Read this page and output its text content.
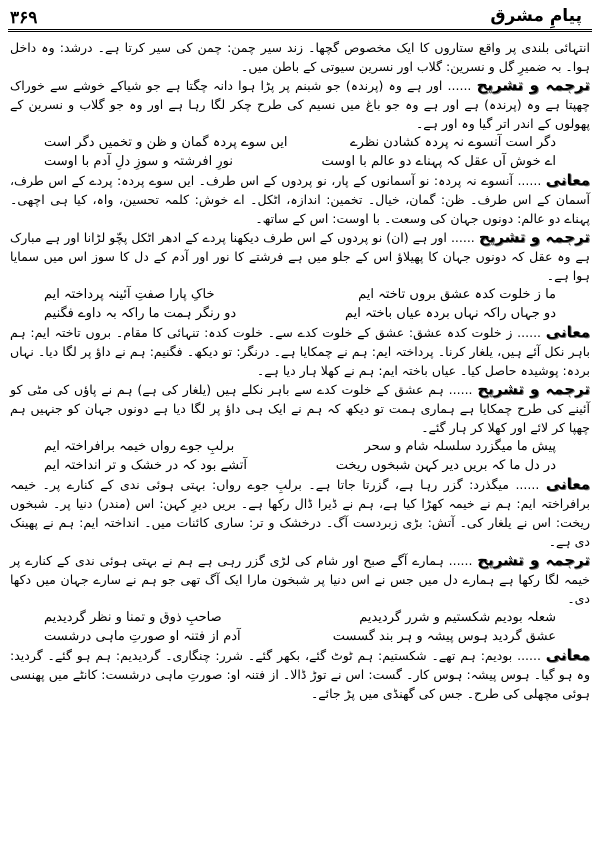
۳۶۹	پیامِ مشرق

انتہائی بلندی پر واقع ستاروں کا ایک مخصوص گچھا۔ زند سیر چمن: چمن کی سیر کرتا ہے۔ درشد: وہ داخل ہوا۔ بہ ضمیرِ گل و نسرین: گلاب اور نسرین سیوتی کے باطن میں۔

ترجمہ و تشریح ...... اور ہے وہ (پرندہ) جو شبنم پر پڑا ہوا دانہ چگتا ہے جو شیاکے خوشے سے خوراک چھپتا ہے وہ (پرندہ) ہے اور ہے وہ جو باغ میں نسیم کی طرح چکر لگا رہا ہے اور وہ جو گلاب و نسرین کے پھولوں کے اندر اتر گیا وہ اور ہے۔

دگر است آنسوے نہ پردہ کشادن نظرے
ایں سوے پردہ گمان و ظن و تخمیں دگر است
اے خوش آں عقل کہ پہناے دو عالم با اوست
نورِ افرشتہ و سوزِ دلِ آدم با اوست

معانی ...... آنسوے نہ پردہ: نو آسمانوں کے پار، نو پردوں کے اس طرف۔ ایں سوے پردہ: پردے کے اس طرف، آسمان کے اس طرف۔ ظن: گمان، خیال۔ تخمین: اندازہ، اٹکل۔ اے خوش: کلمہ تحسین، واہ، کیا ہی اچھی۔ پہناے دو عالم: دونوں جہان کی وسعت۔ با اوست: اس کے ساتھ۔

ترجمہ و تشریح ...... اور ہے (ان) نو پردوں کے اس طرف دیکھنا پردے کے ادھر اٹکل پچّو لڑانا اور ہے مبارک ہے وہ عقل کہ دونوں جہان کا پھیلاؤ اس کے جلو میں ہے فرشتے کا نور اور آدم کے دل کا سوز اس میں سمایا ہوا ہے۔

ما ز خلوت کدہ عشق بروں تاختہ ایم
خاکِ پارا صفتِ آئینہ پرداختہ ایم
دو جہاں راکہ نہاں بردہ عیاں باختہ ایم
دو رنگر ہمت ما راکہ بہ داوے فگنیم

معانی ...... ز خلوت کدہ عشق: عشق کے خلوت کدے سے۔ خلوت کدہ: تنہائی کا مقام۔ بروں تاختہ ایم: ہم باہر نکل آئے ہیں، یلغار کرنا۔ پرداختہ ایم: ہم نے چمکایا ہے۔ درنگر: تو دیکھ۔ فگنیم: ہم نے داؤ پر لگا دیا۔ نہاں بردہ: پوشیدہ حاصل کیا۔ عیاں باختہ ایم: ہم نے کھلا ہار دیا ہے۔

ترجمہ و تشریح ...... ہم عشق کے خلوت کدے سے باہر نکلے ہیں (یلغار کی ہے) ہم نے پاؤں کی مٹی کو آئینے کی طرح چمکایا ہے ہماری ہمت تو دیکھ کہ ہم نے ایک ہی داؤ پر لگا دیا ہے دونوں جہان کو جنہیں ہم چھپا کر لائے اور کھلا کر ہار گئے۔

پیش ما میگزرد سلسلہ شام و سحر
برلبِ جوے رواں خیمہ برافراختہ ایم
در دل ما کہ بریں دیر کہن شبخوں ریخت
آتشے بود کہ در خشک و تر انداختہ ایم

معانی ...... میگذرد: گزر رہا ہے، گزرتا جاتا ہے۔ برلبِ جوے رواں: بہتی ہوئی ندی کے کنارے پر۔ خیمہ برافراختہ ایم: ہم نے خیمہ کھڑا کیا ہے، ہم نے ڈیرا ڈال رکھا ہے۔ بریں دیرِ کہن: اس (مندر) دنیا پر۔ شبخوں ریخت: اس نے یلغار کی۔ آتش: بڑی زبردست آگ۔ درخشک و تر: ساری کائنات میں۔ انداختہ ایم: ہم نے پھینک دی ہے۔

ترجمہ و تشریح ...... ہمارے آگے صبح اور شام کی لڑی گزر رہی ہے ہم نے بہتی ہوئی ندی کے کنارے پر خیمہ لگا رکھا ہے ہمارے دل میں جس نے اس دنیا پر شبخون مارا ایک آگ تھی جو ہم نے سارے جہان میں دکھا دی۔

شعلہ بودیم شکستیم و شرر گردیدیم
صاحبِ ذوق و تمنا و نظر گردیدیم
عشق گردید ہوس پیشہ و ہر بند گسست
آدم از فتنہ او صورتِ ماہی درشست

معانی ...... بودیم: ہم تھے۔ شکستیم: ہم ٹوٹ گئے، بکھر گئے۔ شرر: چنگاری۔ گردیدیم: ہم ہو گئے۔ گردید: وہ ہو گیا۔ ہوس پیشہ: ہوس کار۔ گست: اس نے توڑ ڈالا۔ از فتنہ او: صورتِ ماہی درشست: کانٹے میں پھنسی ہوئی مچھلی کی طرح۔ جس کی گھنڈی میں پڑ جائے۔
